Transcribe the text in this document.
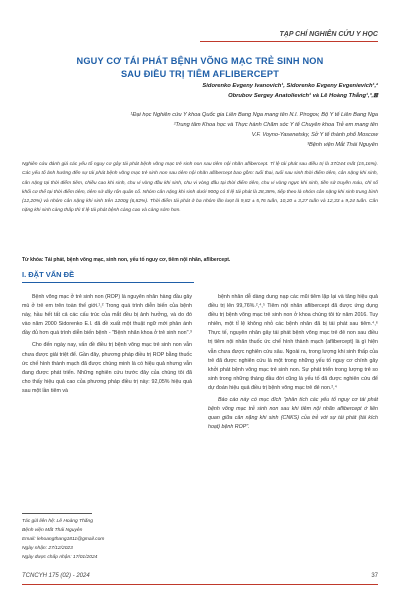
TẠP CHÍ NGHIÊN CỨU Y HỌC
NGUY CƠ TÁI PHÁT BỆNH VÕNG MẠC TRẺ SINH NON
SAU ĐIỀU TRỊ TIÊM AFLIBERCEPT
Sidorenko Evgeny Ivanovich¹, Sidorenko Evgeny Evgenievich¹,²
Obrubov Sergey Anatolievich¹ và Lê Hoàng Thắng¹,³,⊠
¹Đại học Nghiên cứu Y khoa Quốc gia Liên Bang Nga mang tên N.I. Pirogov, Bộ Y tế Liên Bang Nga
²Trung tâm Khoa học và Thực hành Chăm sóc Y tế Chuyên khoa Trẻ em mang tên
V.F. Voyno-Yasenetsky, Sở Y tế thành phố Moscow
³Bệnh viện Mắt Thái Nguyên
Nghiên cứu đánh giá các yếu tố nguy cơ gây tái phát bệnh võng mạc trẻ sinh non sau tiêm nội nhãn aflibercept. Tỉ lệ tái phát sau điều trị là 37/244 mắt (15,16%). Các yếu tố ảnh hưởng đến sự tái phát bệnh võng mạc trẻ sinh non sau tiêm nội nhãn aflibercept bao gồm: tuổi thai, tuổi sau sinh thời điểm tiêm, cân nặng khi sinh, cân nặng tại thời điểm tiêm, chiều cao khi sinh, chu vi vòng đầu khi sinh, chu vi vòng đầu tại thời điểm tiêm, chu vi vòng ngực khi sinh, tiền sử truyền máu, chỉ số khối cơ thể tại thời điểm tiêm, tiêm sử dây rốn quấn cổ. Nhóm cân nặng khi sinh dưới 900g có tỉ lệ tái phát là 28,38%, tiếp theo là nhóm cân nặng khi sinh trung bình (12,20%) và nhóm cân nặng khi sinh trên 1200g (6,82%). Thời điểm tái phát ở ba nhóm lần lượt là 9,82 ± 5,76 tuần, 10,20 ± 3,27 tuần và 12,33 ± 9,24 tuần. Cân nặng khi sinh càng thấp thì tỉ lệ tái phát bệnh càng cao và càng sớm hơn.
Từ khóa: Tái phát, bệnh võng mạc, sinh non, yếu tố nguy cơ, tiêm nội nhãn, aflibercept.
I. ĐẶT VẤN ĐỀ

Bệnh võng mạc ở trẻ sinh non (ROP) là nguyên nhân hàng đầu gây mù ở trẻ em trên toàn thế giới.¹,² Trong quá trình diễn biến của bệnh này, hầu hết tất cả các cấu trúc của mắt đều bị ảnh hưởng, và do đó vào năm 2000 Sidorenko E.I. đã đề xuất một thuật ngữ mới phản ánh đầy đủ hơn quá trình diễn biến bệnh - "Bệnh nhãn khoa ở trẻ sinh non".³

Cho đến ngày nay, vấn đề điều trị bệnh võng mạc trẻ sinh non vẫn chưa được giải triệt để. Gần đây, phương pháp điều trị ROP bằng thuốc ức chế hình thành mạch đã được chúng minh là có hiệu quả nhưng vẫn đang được phát triển. Những nghiên cứu trước đây của chúng tôi đã cho thấy hiệu quả cao của phương pháp điều trị này: 92,05% hiệu quả sau một lần tiêm và

bệnh nhân dễ dàng dung nạp các mũi tiêm lặp lại và tăng hiệu quả điều trị lên 99,76%.²,⁴,⁵ Tiêm nội nhãn aflibercept đã được ứng dụng điều trị bệnh võng mạc trẻ sinh non ở khoa chúng tôi từ năm 2016. Tuy nhiên, một tỉ lệ không nhỏ các bệnh nhân đã bị tái phát sau tiêm.⁴,⁶ Thực tế, nguyên nhân gây tái phát bệnh võng mạc trẻ đẻ non sau điều trị tiêm nội nhãn thuốc ức chế hình thành mạch (aflibercept) là gì hiện vẫn chưa được nghiên cứu sâu. Ngoài ra, trong lượng khi sinh thấp của trẻ đã được nghiên cứu là một trong những yếu tố nguy cơ chính gây khởi phát bệnh võng mạc trẻ sinh non. Sự phát triển trong lượng trẻ so sinh trong những tháng đầu đời cũng là yếu tố đã được nghiên cứu để dự đoán hiệu quả điều trị bệnh võng mạc trẻ đẻ non.²,⁴

Báo cáo này có mục đích "phân tích các yếu tố nguy cơ tái phát bệnh võng mạc trẻ sinh non sau khi tiêm nội nhãn aflibercept ớ liên quan giữa cân nặng khi sinh (CNKS) của trẻ với sự tái phát (tái kích hoạt) bệnh ROP".

Tác giả liên hệ: Lê Hoàng Thắng
Bệnh viện Mắt Thái Nguyên
Email: lehoangthang1811@gmail.com
Ngày nhận: 27/12/2023
Ngày được chấp nhận: 17/01/2024
TCNCYH 175 (02) - 2024	37
